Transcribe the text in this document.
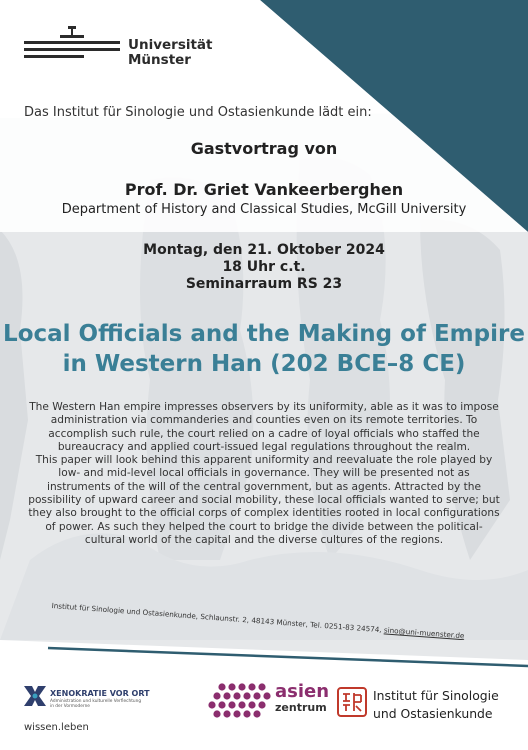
Universität
Münster
Das Institut für Sinologie und Ostasienkunde lädt ein:
Gastvortrag von
Prof. Dr. Griet Vankeerberghen
Department of History and Classical Studies, McGill University
Montag, den 21. Oktober 2024
18 Uhr c.t.
Seminarraum RS 23
Local Officials and the Making of Empire
in Western Han (202 BCE–8 CE)

The Western Han empire impresses observers by its uniformity, able as it was to impose administration via commanderies and counties even on its remote territories. To accomplish such rule, the court relied on a cadre of loyal officials who staffed the bureaucracy and applied court-issued legal regulations throughout the realm.

This paper will look behind this apparent uniformity and reevaluate the role played by low- and mid-level local officials in governance. They will be presented not as instruments of the will of the central government, but as agents. Attracted by the possibility of upward career and social mobility, these local officials wanted to serve; but they also brought to the official corps of complex identities rooted in local configurations of power. As such they helped the court to bridge the divide between the political-cultural world of the capital and the diverse cultures of the regions.

Institut für Sinologie und Ostasienkunde, Schlaunstr. 2, 48143 Münster, Tel. 0251-83 24574, sino@uni-muenster.de
XENOKRATIE VOR ORT
Administration und kulturelle Verflechtung
in der Vormoderne
wissen.leben
asien
zentrum
Institut für Sinologie
und Ostasienkunde
